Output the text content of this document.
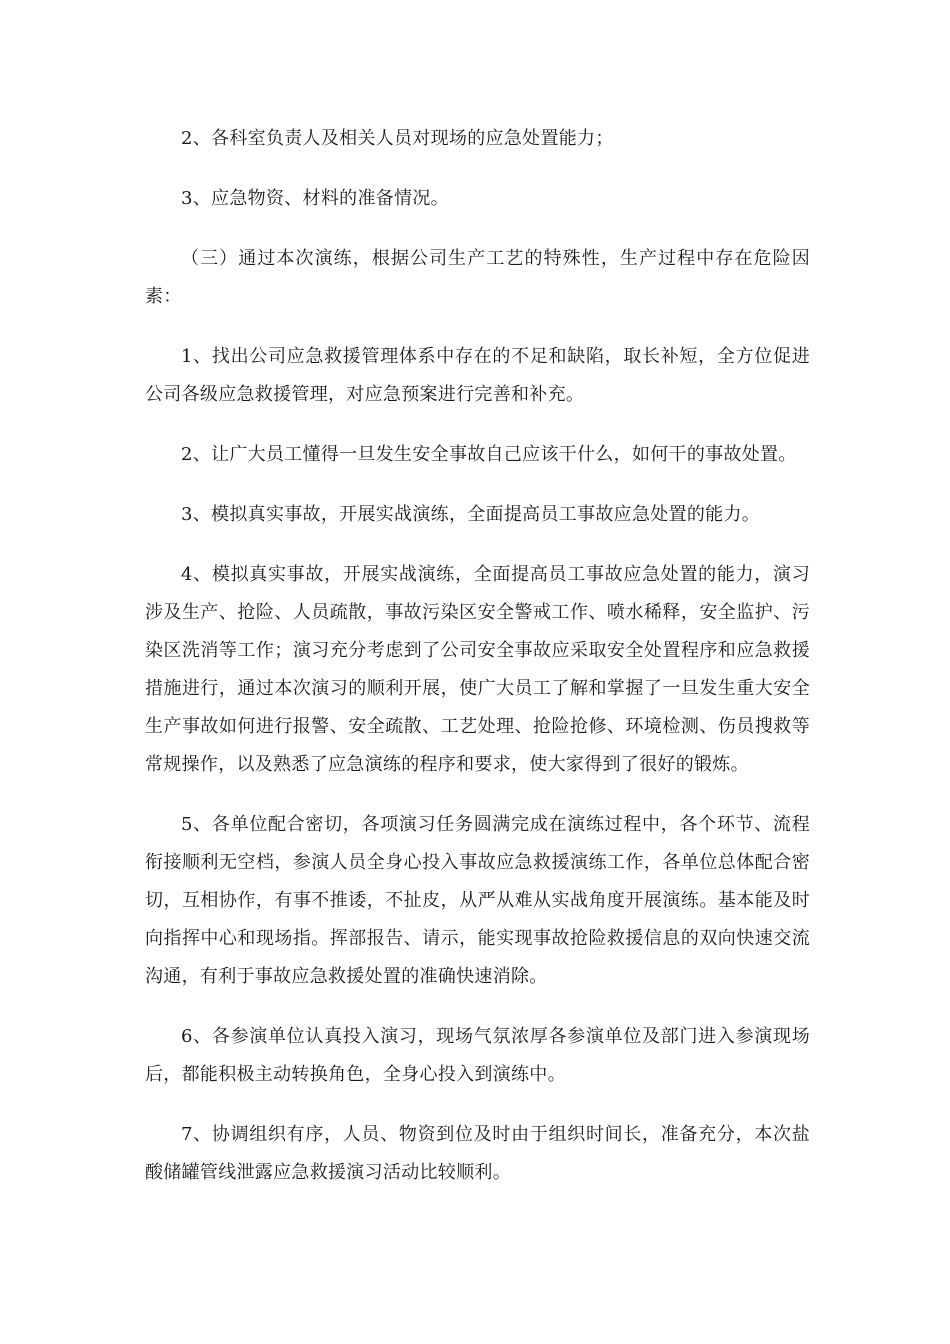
2、各科室负责人及相关人员对现场的应急处置能力；

3、应急物资、材料的准备情况。

（三）通过本次演练，根据公司生产工艺的特殊性，生产过程中存在危险因素：

1、找出公司应急救援管理体系中存在的不足和缺陷，取长补短，全方位促进公司各级应急救援管理，对应急预案进行完善和补充。

2、让广大员工懂得一旦发生安全事故自己应该干什么，如何干的事故处置。

3、模拟真实事故，开展实战演练，全面提高员工事故应急处置的能力。

4、模拟真实事故，开展实战演练，全面提高员工事故应急处置的能力，演习涉及生产、抢险、人员疏散，事故污染区安全警戒工作、喷水稀释，安全监护、污染区洗消等工作；演习充分考虑到了公司安全事故应采取安全处置程序和应急救援措施进行，通过本次演习的顺利开展，使广大员工了解和掌握了一旦发生重大安全生产事故如何进行报警、安全疏散、工艺处理、抢险抢修、环境检测、伤员搜救等常规操作，以及熟悉了应急演练的程序和要求，使大家得到了很好的锻炼。

5、各单位配合密切，各项演习任务圆满完成在演练过程中，各个环节、流程衔接顺利无空档，参演人员全身心投入事故应急救援演练工作，各单位总体配合密切，互相协作，有事不推诿，不扯皮，从严从难从实战角度开展演练。基本能及时向指挥中心和现场指。挥部报告、请示，能实现事故抢险救援信息的双向快速交流沟通，有利于事故应急救援处置的准确快速消除。

6、各参演单位认真投入演习，现场气氛浓厚各参演单位及部门进入参演现场后，都能积极主动转换角色，全身心投入到演练中。

7、协调组织有序，人员、物资到位及时由于组织时间长，准备充分，本次盐酸储罐管线泄露应急救援演习活动比较顺利。
